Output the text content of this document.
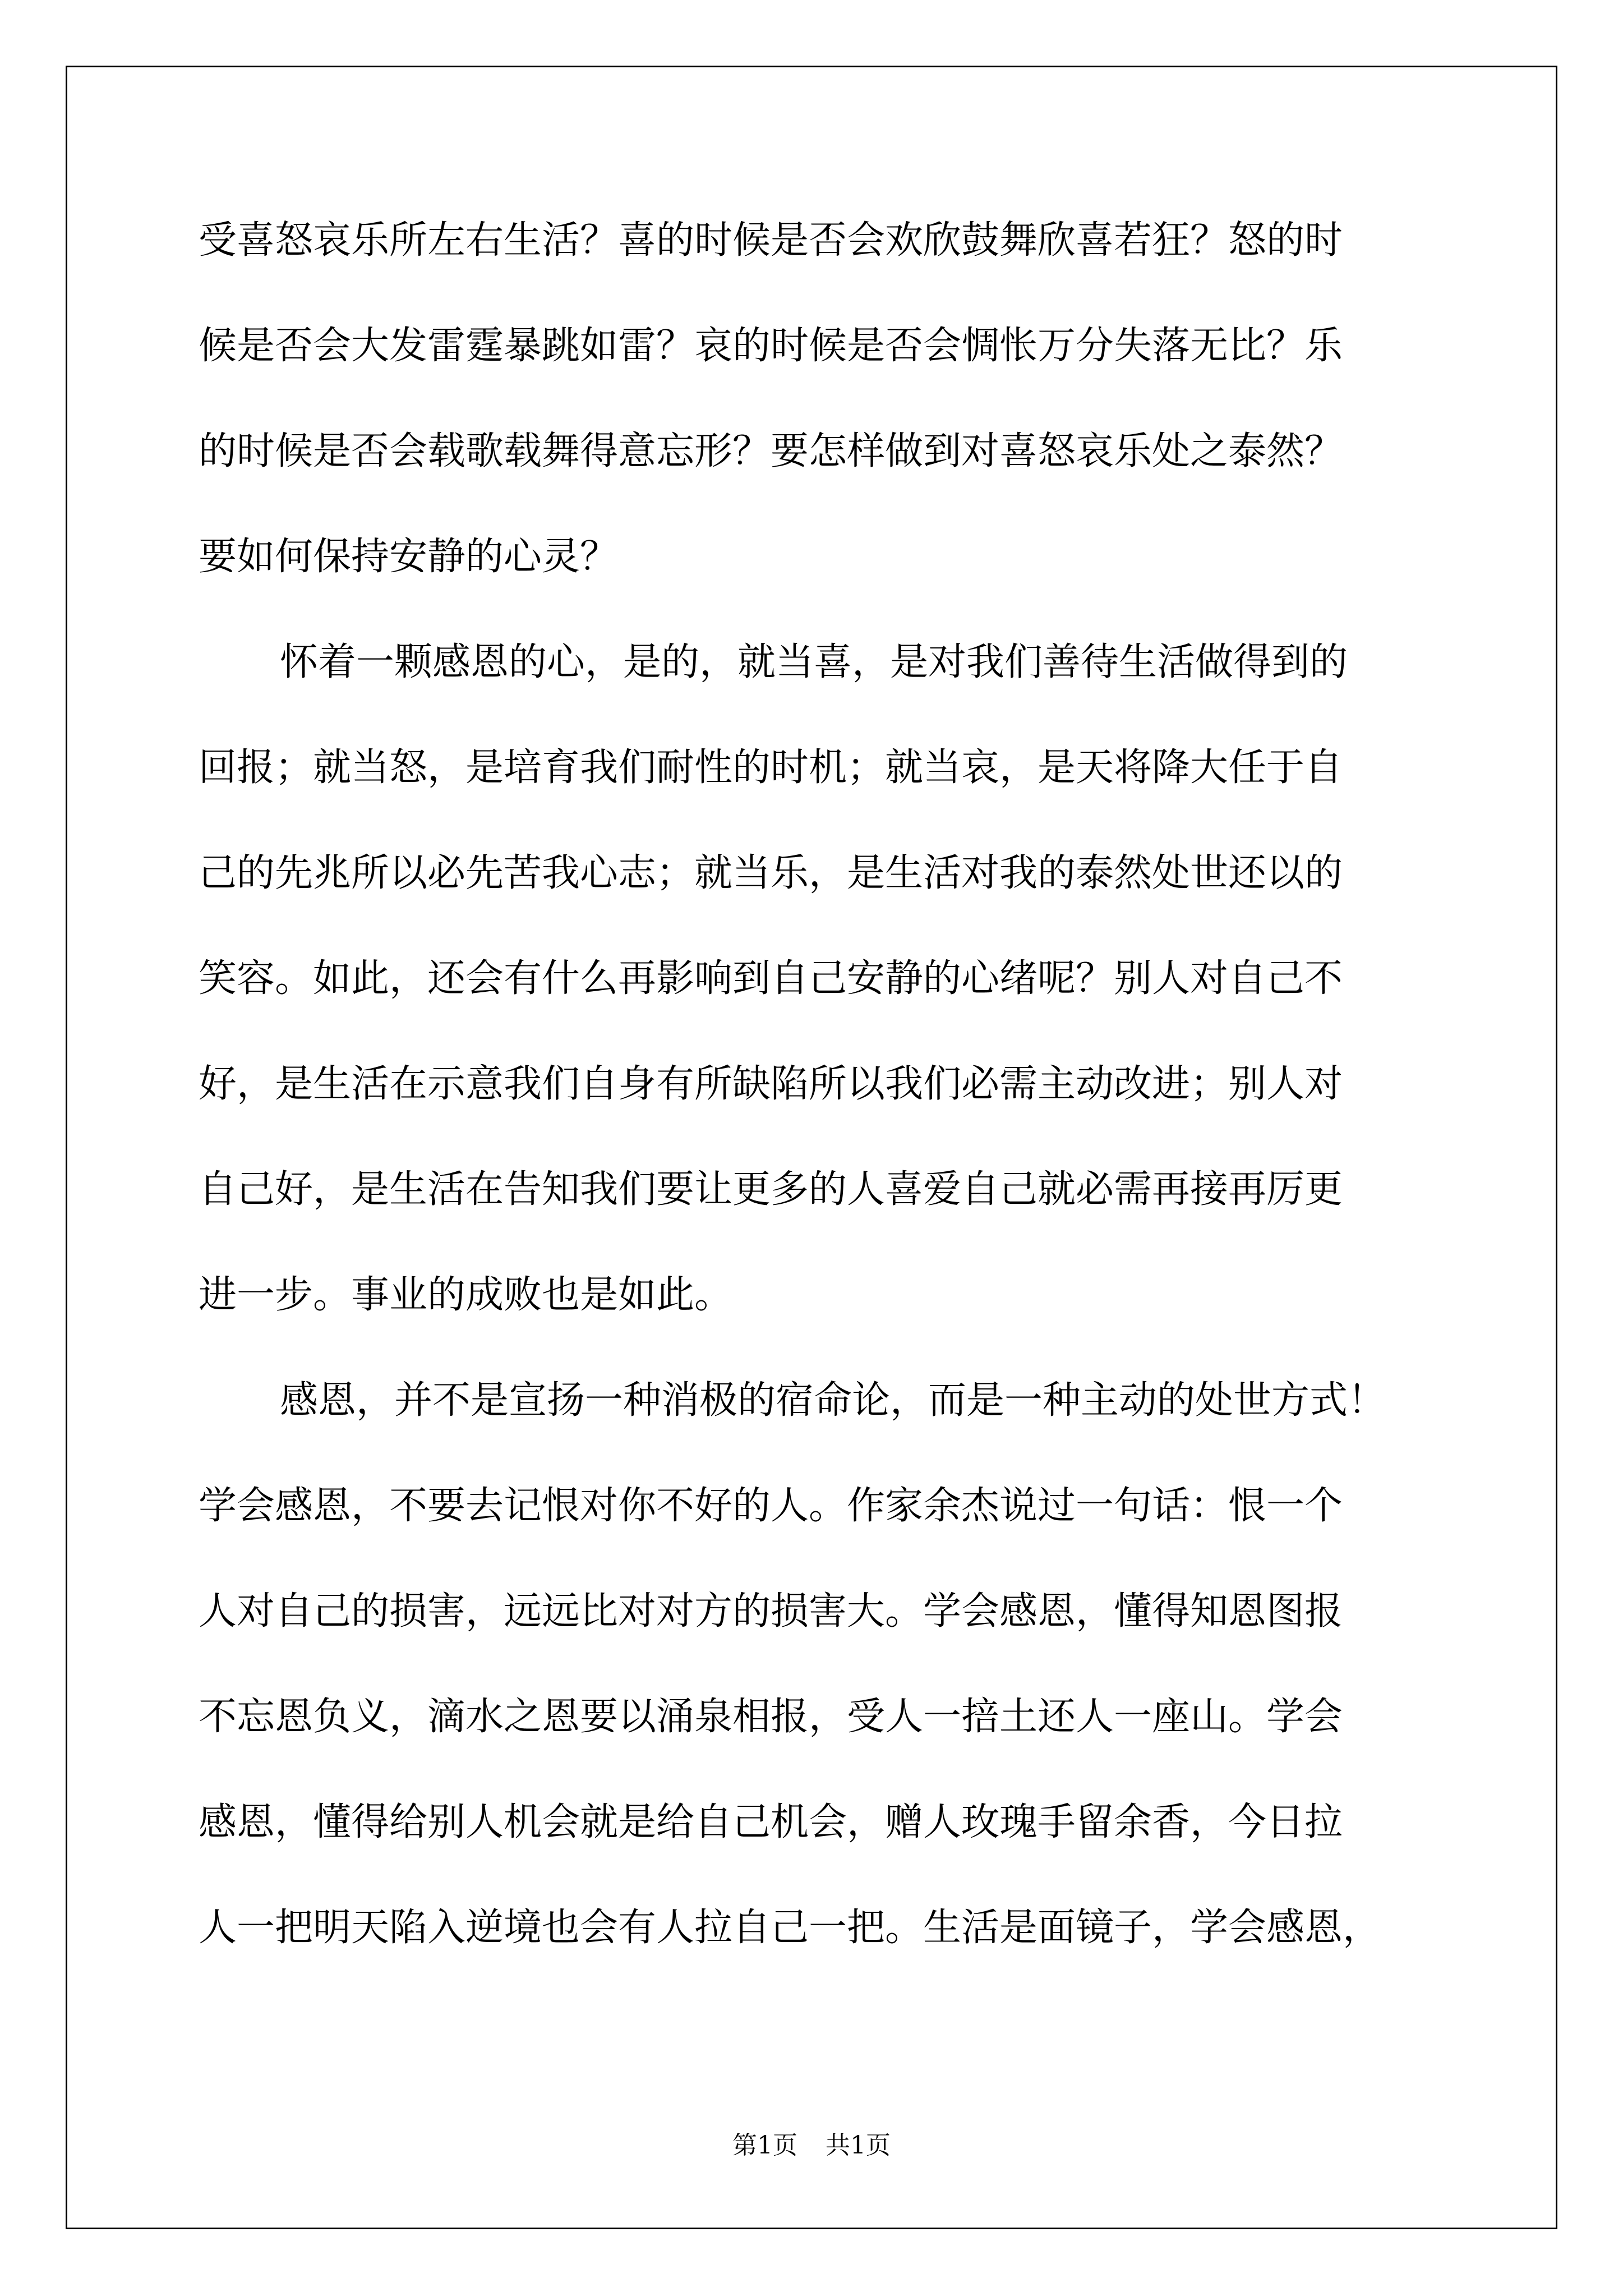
受喜怒哀乐所左右生活？喜的时候是否会欢欣鼓舞欣喜若狂？怒的时
候是否会大发雷霆暴跳如雷？哀的时候是否会惆怅万分失落无比？乐
的时候是否会载歌载舞得意忘形？要怎样做到对喜怒哀乐处之泰然？
要如何保持安静的心灵？
怀着一颗感恩的心，是的，就当喜，是对我们善待生活做得到的
回报；就当怒，是培育我们耐性的时机；就当哀，是天将降大任于自
己的先兆所以必先苦我心志；就当乐，是生活对我的泰然处世还以的
笑容。如此，还会有什么再影响到自己安静的心绪呢？别人对自己不
好，是生活在示意我们自身有所缺陷所以我们必需主动改进；别人对
自己好，是生活在告知我们要让更多的人喜爱自己就必需再接再厉更
进一步。事业的成败也是如此。
感恩，并不是宣扬一种消极的宿命论，而是一种主动的处世方式！
学会感恩，不要去记恨对你不好的人。作家余杰说过一句话：恨一个
人对自己的损害，远远比对对方的损害大。学会感恩，懂得知恩图报
不忘恩负义，滴水之恩要以涌泉相报，受人一掊土还人一座山。学会
感恩，懂得给别人机会就是给自己机会，赠人玫瑰手留余香，今日拉
人一把明天陷入逆境也会有人拉自己一把。生活是面镜子，学会感恩，
第1页 共1页
